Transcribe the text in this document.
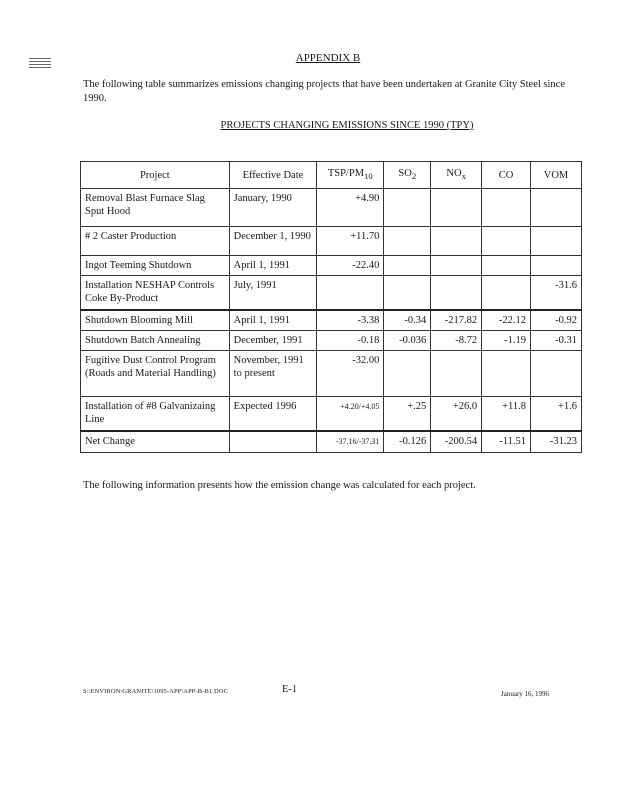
APPENDIX B
The following table summarizes emissions changing projects that have been undertaken at Granite City Steel since 1990.
PROJECTS CHANGING EMISSIONS SINCE 1990 (TPY)
Project	Effective Date	TSP/$PM_{10}$	$SO_2$	$NO_x$	CO	VOM
Removal Blast Furnace Slag Sput Hood	January, 1990	+4.90				
# 2 Caster Production	December 1, 1990	+11.70				
Ingot Teeming Shutdown	April 1, 1991	-22.40				
Installation NESHAP Controls Coke By-Product	July, 1991					-31.6
Shutdown Blooming Mill	April 1, 1991	-3.38	-0.34	-217.82	-22.12	-0.92
Shutdown Batch Annealing	December, 1991	-0.18	-0.036	-8.72	-1.19	-0.31
Fugitive Dust Control Program (Roads and Material Handling)	November, 1991 to present	-32.00				
Installation of #8 Galvanizaing Line	Expected 1996	+4.20/+4.05	+.25	+26.0	+11.8	+1.6
Net Change		-37.16/-37.31	-0.126	-200.54	-11.51	-31.23
The following information presents how the emission change was calculated for each project.
S:\ENVIRON\GRANITE\1095-APP\APP-B-B1.DOC	E-1	January 16, 1996
